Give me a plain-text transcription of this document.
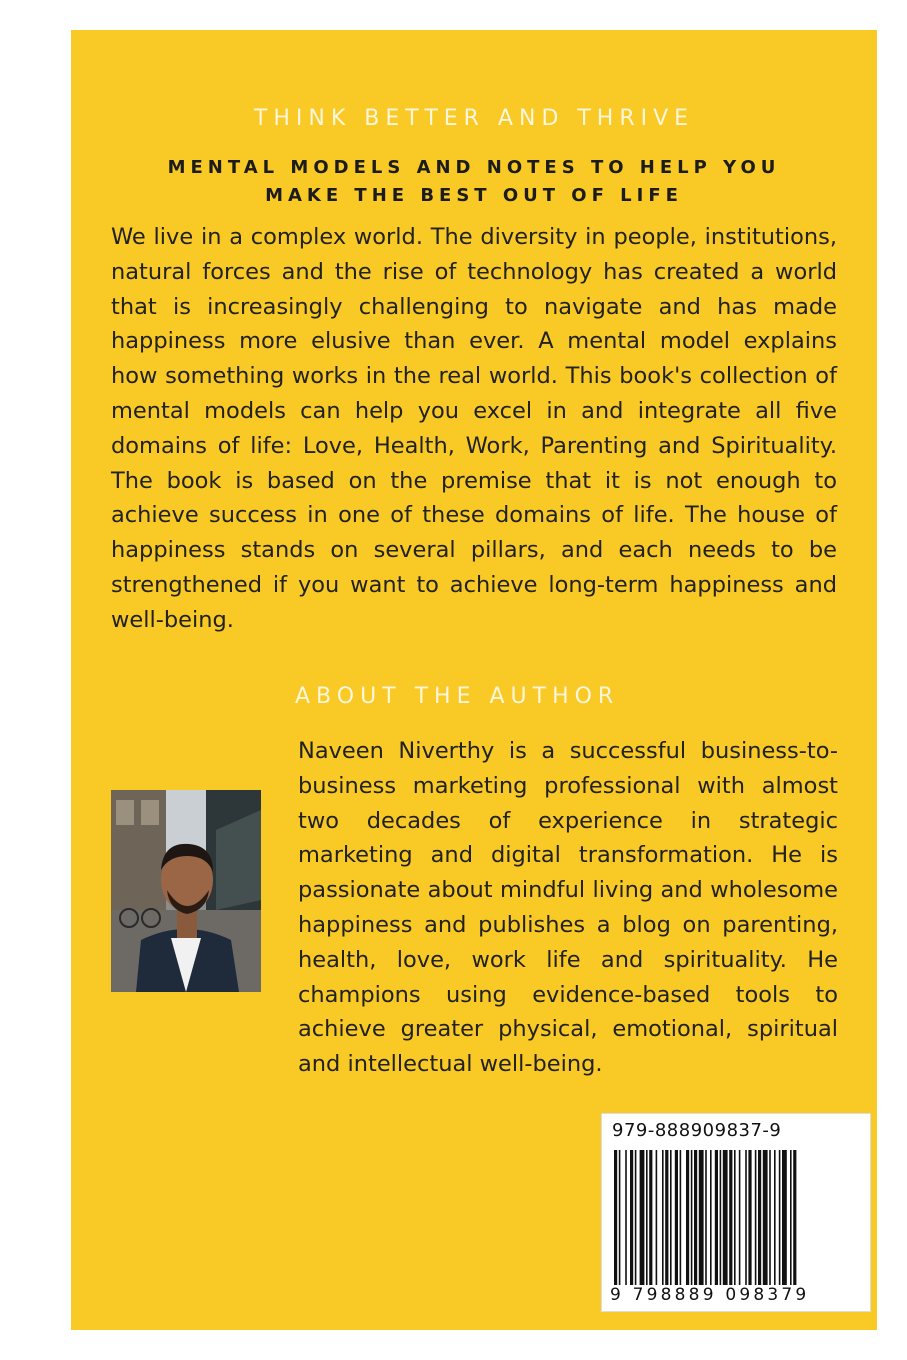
THINK BETTER AND THRIVE
MENTAL MODELS AND NOTES TO HELP YOU
MAKE THE BEST OUT OF LIFE

We live in a complex world. The diversity in people, institutions, natural forces and the rise of technology has created a world that is increasingly challenging to navigate and has made happiness more elusive than ever. A mental model explains how something works in the real world. This book's collection of mental models can help you excel in and integrate all five domains of life: Love, Health, Work, Parenting and Spirituality. The book is based on the premise that it is not enough to achieve success in one of these domains of life. The house of happiness stands on several pillars, and each needs to be strengthened if you want to achieve long-term happiness and well-being.

ABOUT THE AUTHOR

Naveen Niverthy is a successful business-to-business marketing professional with almost two decades of experience in strategic marketing and digital transformation. He is passionate about mindful living and wholesome happiness and publishes a blog on parenting, health, love, work life and spirituality. He champions using evidence-based tools to achieve greater physical, emotional, spiritual and intellectual well-being.

979-888909837-9
9 798889 098379
